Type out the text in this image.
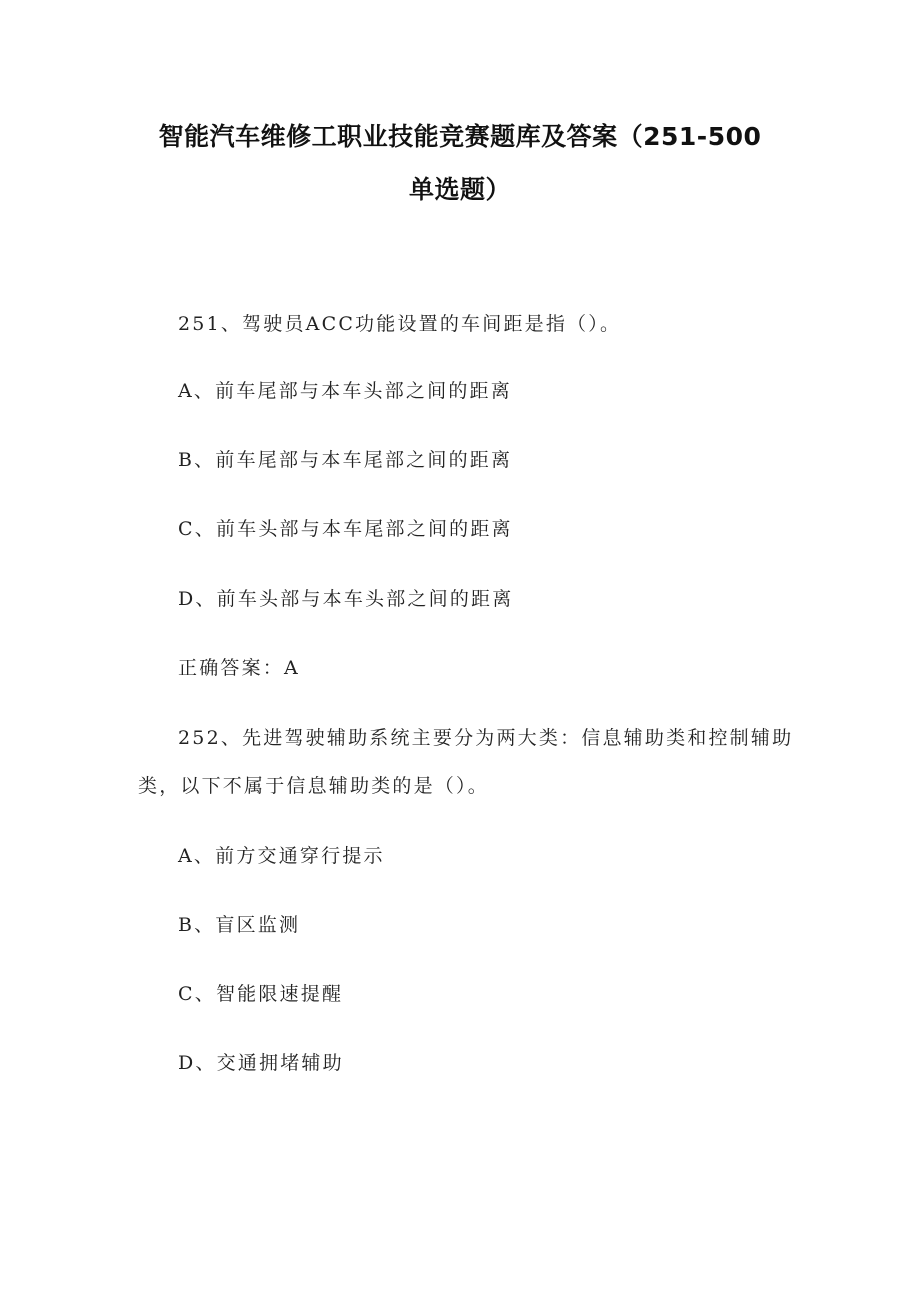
智能汽车维修工职业技能竞赛题库及答案（251-500
单选题）
251、驾驶员ACC功能设置的车间距是指（）。
A、前车尾部与本车头部之间的距离
B、前车尾部与本车尾部之间的距离
C、前车头部与本车尾部之间的距离
D、前车头部与本车头部之间的距离
正确答案：A
252、先进驾驶辅助系统主要分为两大类：信息辅助类和控制辅助
类，以下不属于信息辅助类的是（）。
A、前方交通穿行提示
B、盲区监测
C、智能限速提醒
D、交通拥堵辅助
